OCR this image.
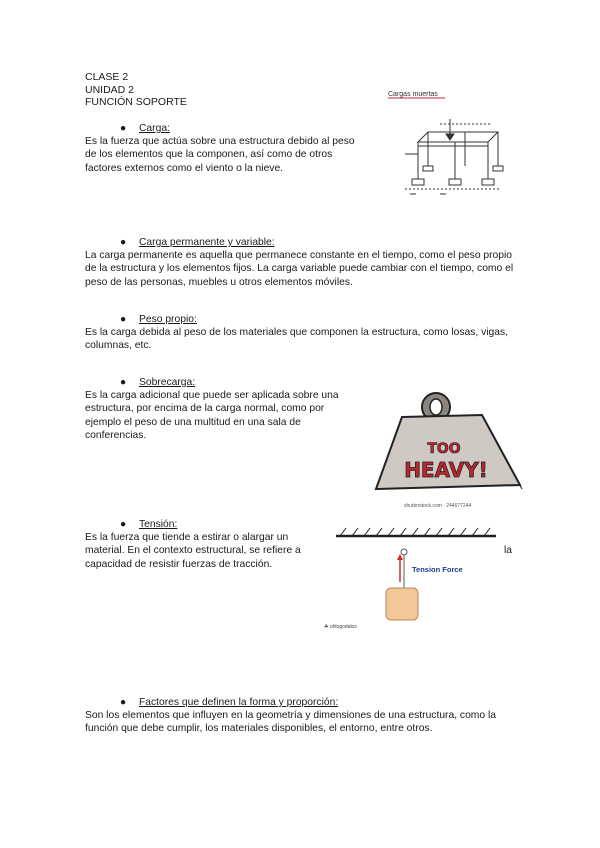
CLASE 2
UNIDAD 2
FUNCIÓN SOPORTE
● Carga:

Es la fuerza que actúa sobre una estructura debido al peso de los elementos que la componen, así como de otros factores externos como el viento o la nieve.

Cargas muertas
● Carga permanente y variable:

La carga permanente es aquella que permanece constante en el tiempo, como el peso propio de la estructura y los elementos fijos. La carga variable puede cambiar con el tiempo, como el peso de las personas, muebles u otros elementos móviles.

● Peso propio:

Es la carga debida al peso de los materiales que componen la estructura, como losas, vigas, columnas, etc.

● Sobrecarga:

Es la carga adicional que puede ser aplicada sobre una estructura, por encima de la carga normal, como por ejemplo el peso de una multitud en una sala de conferencias.

TOO
HEAVY!
shutterstock.com · 244677244
● Tensión:
Es la fuerza que tiende a estirar o alargar un
material. En el contexto estructural, se refiere a	la
capacidad de resistir fuerzas de tracción.	Tension Force
☘ ohlogodalos
● Factores que definen la forma y proporción:

Son los elementos que influyen en la geometría y dimensiones de una estructura, como la función que debe cumplir, los materiales disponibles, el entorno, entre otros.
